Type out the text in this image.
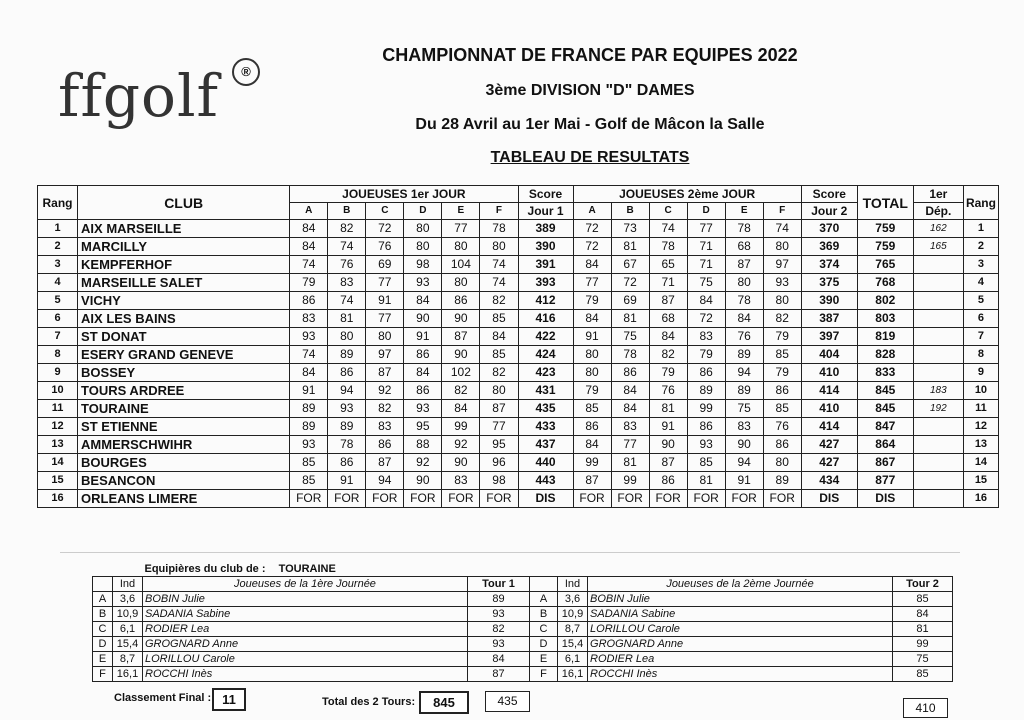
ffgolf	®
CHAMPIONNAT DE FRANCE PAR EQUIPES 2022
3ème DIVISION "D" DAMES
Du 28 Avril au 1er Mai - Golf de Mâcon la Salle
TABLEAU DE RESULTATS
Rang	CLUB	JOUEUSES 1er JOUR						Score	JOUEUSES 2ème JOUR						Score	TOTAL	1er	Rang
		A	B	C	D	E	F	Jour 1	A	B	C	D	E	F	Jour 2		Dép.	
1	AIX MARSEILLE	84	82	72	80	77	78	389	72	73	74	77	78	74	370	759	162	1
2	MARCILLY	84	74	76	80	80	80	390	72	81	78	71	68	80	369	759	165	2
3	KEMPFERHOF	74	76	69	98	104	74	391	84	67	65	71	87	97	374	765		3
4	MARSEILLE SALET	79	83	77	93	80	74	393	77	72	71	75	80	93	375	768		4
5	VICHY	86	74	91	84	86	82	412	79	69	87	84	78	80	390	802		5
6	AIX LES BAINS	83	81	77	90	90	85	416	84	81	68	72	84	82	387	803		6
7	ST DONAT	93	80	80	91	87	84	422	91	75	84	83	76	79	397	819		7
8	ESERY GRAND GENEVE	74	89	97	86	90	85	424	80	78	82	79	89	85	404	828		8
9	BOSSEY	84	86	87	84	102	82	423	80	86	79	86	94	79	410	833		9
10	TOURS ARDREE	91	94	92	86	82	80	431	79	84	76	89	89	86	414	845	183	10
11	TOURAINE	89	93	82	93	84	87	435	85	84	81	99	75	85	410	845	192	11
12	ST ETIENNE	89	89	83	95	99	77	433	86	83	91	86	83	76	414	847		12
13	AMMERSCHWIHR	93	78	86	88	92	95	437	84	77	90	93	90	86	427	864		13
14	BOURGES	85	86	87	92	90	96	440	99	81	87	85	94	80	427	867		14
15	BESANCON	85	91	94	90	83	98	443	87	99	86	81	91	89	434	877		15
16	ORLEANS LIMERE	FOR	FOR	FOR	FOR	FOR	FOR	DIS	FOR	FOR	FOR	FOR	FOR	FOR	DIS	DIS		16
	Equipières du club de : TOURAINE						
	Ind	Joueuses de la 1ère Journée	Tour 1		Ind	Joueuses de la 2ème Journée	Tour 2
A	3,6	BOBIN Julie	89	A	3,6	BOBIN Julie	85
B	10,9	SADANIA Sabine	93	B	10,9	SADANIA Sabine	84
C	6,1	RODIER Lea	82	C	8,7	LORILLOU Carole	81
D	15,4	GROGNARD Anne	93	D	15,4	GROGNARD Anne	99
E	8,7	LORILLOU Carole	84	E	6,1	RODIER Lea	75
F	16,1	ROCCHI Inès	87	F	16,1	ROCCHI Inès	85
Classement Final : 11	Total des 2 Tours:	845	435	410
